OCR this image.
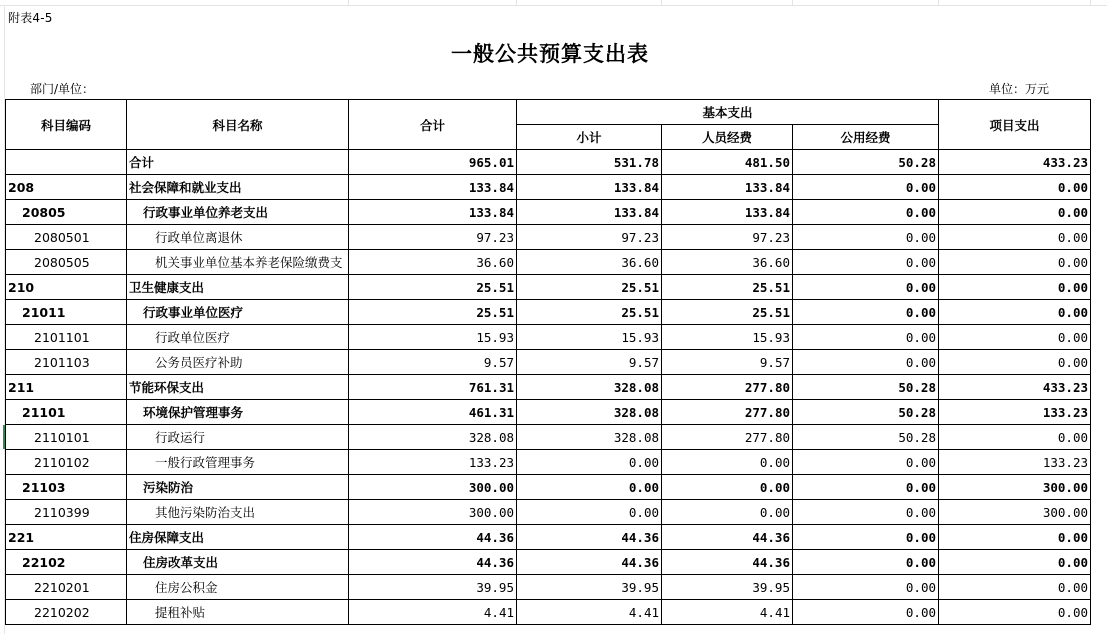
附表4-5
一般公共预算支出表
部门/单位：	单位：万元
科目编码	科目名称	合计	基本支出			项目支出
			小计	人员经费	公用经费	
	合计	965.01	531.78	481.50	50.28	433.23
208	社会保障和就业支出	133.84	133.84	133.84	0.00	0.00
20805	行政事业单位养老支出	133.84	133.84	133.84	0.00	0.00
2080501	行政单位离退休	97.23	97.23	97.23	0.00	0.00
2080505	机关事业单位基本养老保险缴费支	36.60	36.60	36.60	0.00	0.00
210	卫生健康支出	25.51	25.51	25.51	0.00	0.00
21011	行政事业单位医疗	25.51	25.51	25.51	0.00	0.00
2101101	行政单位医疗	15.93	15.93	15.93	0.00	0.00
2101103	公务员医疗补助	9.57	9.57	9.57	0.00	0.00
211	节能环保支出	761.31	328.08	277.80	50.28	433.23
21101	环境保护管理事务	461.31	328.08	277.80	50.28	133.23
2110101	行政运行	328.08	328.08	277.80	50.28	0.00
2110102	一般行政管理事务	133.23	0.00	0.00	0.00	133.23
21103	污染防治	300.00	0.00	0.00	0.00	300.00
2110399	其他污染防治支出	300.00	0.00	0.00	0.00	300.00
221	住房保障支出	44.36	44.36	44.36	0.00	0.00
22102	住房改革支出	44.36	44.36	44.36	0.00	0.00
2210201	住房公积金	39.95	39.95	39.95	0.00	0.00
2210202	提租补贴	4.41	4.41	4.41	0.00	0.00
